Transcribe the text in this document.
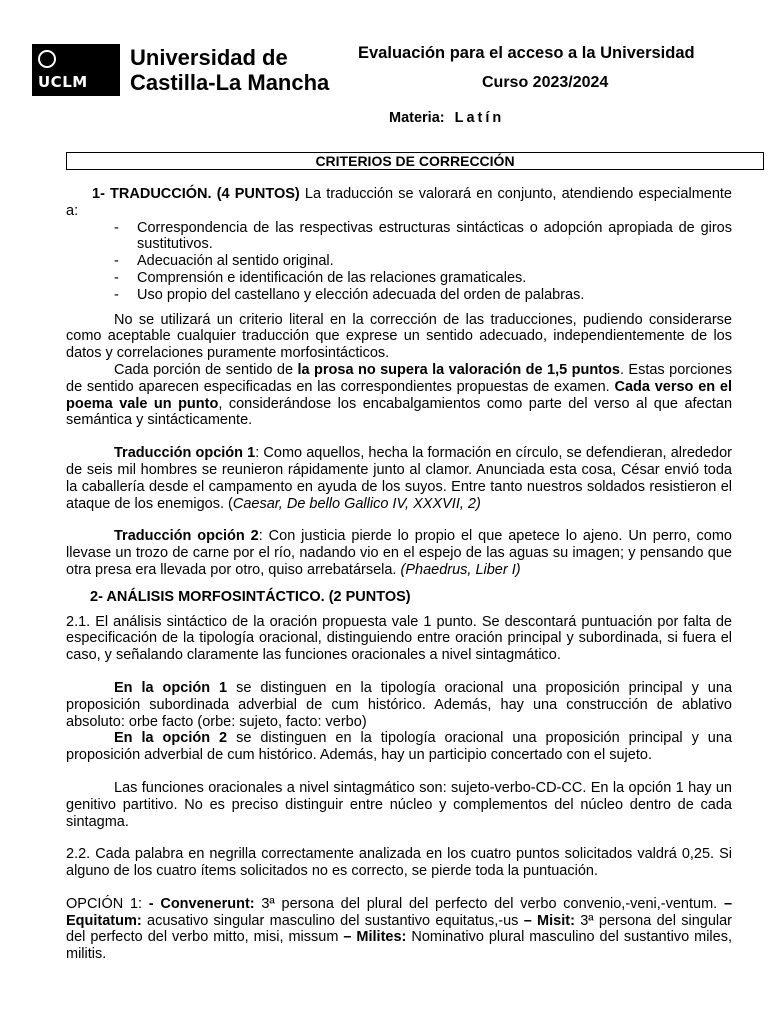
UCLM
Universidad de
Castilla-La Mancha
Evaluación para el acceso a la Universidad
Curso 2023/2024
Materia: Latín
CRITERIOS DE CORRECCIÓN

1- TRADUCCIÓN. (4 PUNTOS) La traducción se valorará en conjunto, atendiendo especialmente a:

- Correspondencia de las respectivas estructuras sintácticas o adopción apropiada de giros sustitutivos.
- Adecuación al sentido original.
- Comprensión e identificación de las relaciones gramaticales.
- Uso propio del castellano y elección adecuada del orden de palabras.

No se utilizará un criterio literal en la corrección de las traducciones, pudiendo considerarse como aceptable cualquier traducción que exprese un sentido adecuado, independientemente de los datos y correlaciones puramente morfosintácticos.

Cada porción de sentido de la prosa no supera la valoración de 1,5 puntos. Estas porciones de sentido aparecen especificadas en las correspondientes propuestas de examen. Cada verso en el poema vale un punto, considerándose los encabalgamientos como parte del verso al que afectan semántica y sintácticamente.

Traducción opción 1: Como aquellos, hecha la formación en círculo, se defendieran, alrededor de seis mil hombres se reunieron rápidamente junto al clamor. Anunciada esta cosa, César envió toda la caballería desde el campamento en ayuda de los suyos. Entre tanto nuestros soldados resistieron el ataque de los enemigos. (Caesar, De bello Gallico IV, XXXVII, 2)

Traducción opción 2: Con justicia pierde lo propio el que apetece lo ajeno. Un perro, como llevase un trozo de carne por el río, nadando vio en el espejo de las aguas su imagen; y pensando que otra presa era llevada por otro, quiso arrebatársela. (Phaedrus, Liber I)

2- ANÁLISIS MORFOSINTÁCTICO. (2 PUNTOS)

2.1. El análisis sintáctico de la oración propuesta vale 1 punto. Se descontará puntuación por falta de especificación de la tipología oracional, distinguiendo entre oración principal y subordinada, si fuera el caso, y señalando claramente las funciones oracionales a nivel sintagmático.

En la opción 1 se distinguen en la tipología oracional una proposición principal y una proposición subordinada adverbial de cum histórico. Además, hay una construcción de ablativo absoluto: orbe facto (orbe: sujeto, facto: verbo)

En la opción 2 se distinguen en la tipología oracional una proposición principal y una proposición adverbial de cum histórico. Además, hay un participio concertado con el sujeto.

Las funciones oracionales a nivel sintagmático son: sujeto-verbo-CD-CC. En la opción 1 hay un genitivo partitivo. No es preciso distinguir entre núcleo y complementos del núcleo dentro de cada sintagma.

2.2. Cada palabra en negrilla correctamente analizada en los cuatro puntos solicitados valdrá 0,25. Si alguno de los cuatro ítems solicitados no es correcto, se pierde toda la puntuación.

OPCIÓN 1: - Convenerunt: 3ª persona del plural del perfecto del verbo convenio,-veni,-ventum. – Equitatum: acusativo singular masculino del sustantivo equitatus,-us – Misit: 3ª persona del singular del perfecto del verbo mitto, misi, missum – Milites: Nominativo plural masculino del sustantivo miles, militis.
